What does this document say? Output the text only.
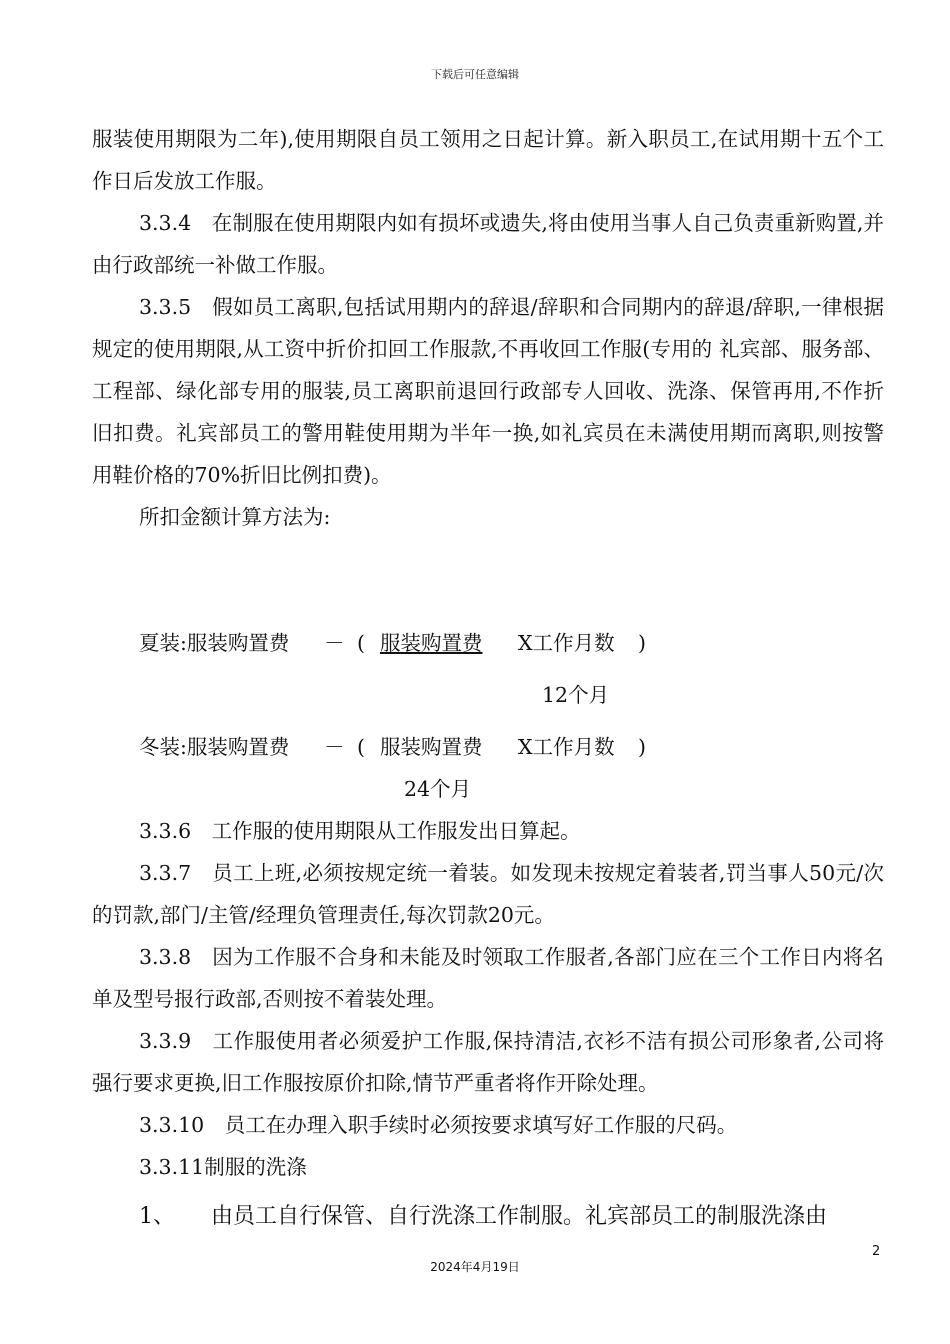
下载后可任意编辑

服装使用期限为二年),使用期限自员工领用之日起计算。新入职员工,在试用期十五个工作日后发放工作服。

3.3.4　在制服在使用期限内如有损坏或遗失,将由使用当事人自己负责重新购置,并由行政部统一补做工作服。

3.3.5　假如员工离职,包括试用期内的辞退/辞职和合同期内的辞退/辞职,一律根据规定的使用期限,从工资中折价扣回工作服款,不再收回工作服(专用的 礼宾部、服务部、工程部、绿化部专用的服装,员工离职前退回行政部专人回收、洗涤、保管再用,不作折旧扣费。礼宾部员工的警用鞋使用期为半年一换,如礼宾员在未满使用期而离职,则按警用鞋价格的70%折旧比例扣费)。

所扣金额计算方法为:

夏装:服装购置费 － ( 服装购置费 X工作月数 )
12个月
冬装:服装购置费 － ( 服装购置费 X工作月数 )
24个月

3.3.6　工作服的使用期限从工作服发出日算起。

3.3.7　员工上班,必须按规定统一着装。如发现未按规定着装者,罚当事人50元/次的罚款,部门/主管/经理负管理责任,每次罚款20元。

3.3.8　因为工作服不合身和未能及时领取工作服者,各部门应在三个工作日内将名单及型号报行政部,否则按不着装处理。

3.3.9　工作服使用者必须爱护工作服,保持清洁,衣衫不洁有损公司形象者,公司将强行要求更换,旧工作服按原价扣除,情节严重者将作开除处理。

3.3.10　员工在办理入职手续时必须按要求填写好工作服的尺码。

3.3.11制服的洗涤

1、 由员工自行保管、自行洗涤工作制服。礼宾部员工的制服洗涤由

2
2024年4月19日
